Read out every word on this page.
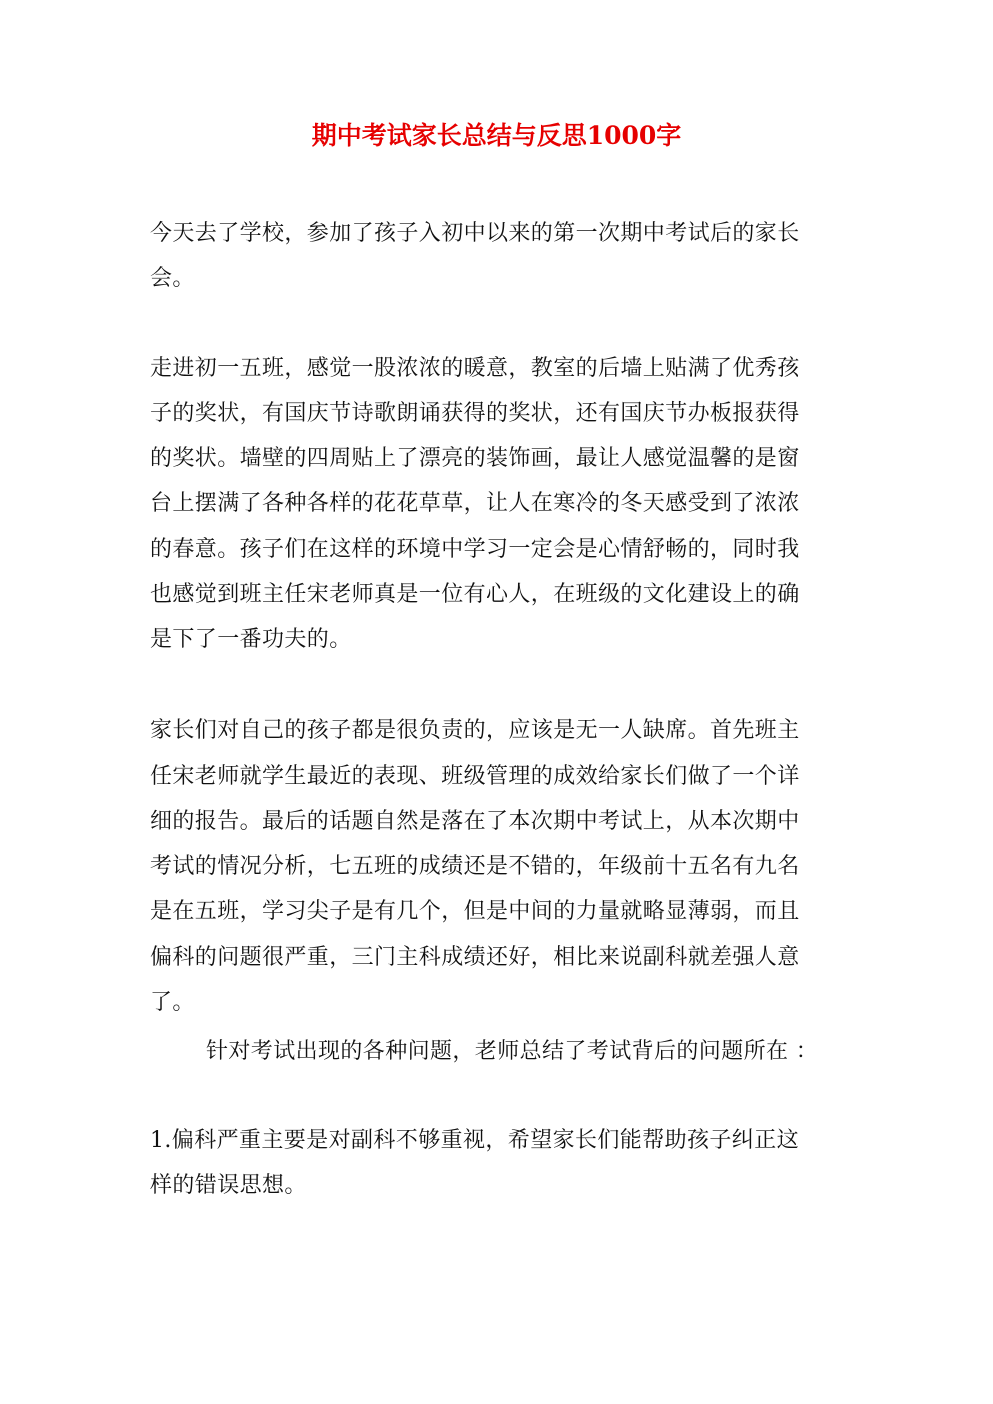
期中考试家长总结与反思1000字
今天去了学校，参加了孩子入初中以来的第一次期中考试后的家长
会。
走进初一五班，感觉一股浓浓的暖意，教室的后墙上贴满了优秀孩
子的奖状，有国庆节诗歌朗诵获得的奖状，还有国庆节办板报获得
的奖状。墙壁的四周贴上了漂亮的装饰画，最让人感觉温馨的是窗
台上摆满了各种各样的花花草草，让人在寒冷的冬天感受到了浓浓
的春意。孩子们在这样的环境中学习一定会是心情舒畅的，同时我
也感觉到班主任宋老师真是一位有心人，在班级的文化建设上的确
是下了一番功夫的。
家长们对自己的孩子都是很负责的，应该是无一人缺席。首先班主
任宋老师就学生最近的表现、班级管理的成效给家长们做了一个详
细的报告。最后的话题自然是落在了本次期中考试上，从本次期中
考试的情况分析，七五班的成绩还是不错的，年级前十五名有九名
是在五班，学习尖子是有几个，但是中间的力量就略显薄弱，而且
偏科的问题很严重，三门主科成绩还好，相比来说副科就差强人意
了。
针对考试出现的各种问题，老师总结了考试背后的问题所在 ：
1.偏科严重主要是对副科不够重视，希望家长们能帮助孩子纠正这
样的错误思想。
